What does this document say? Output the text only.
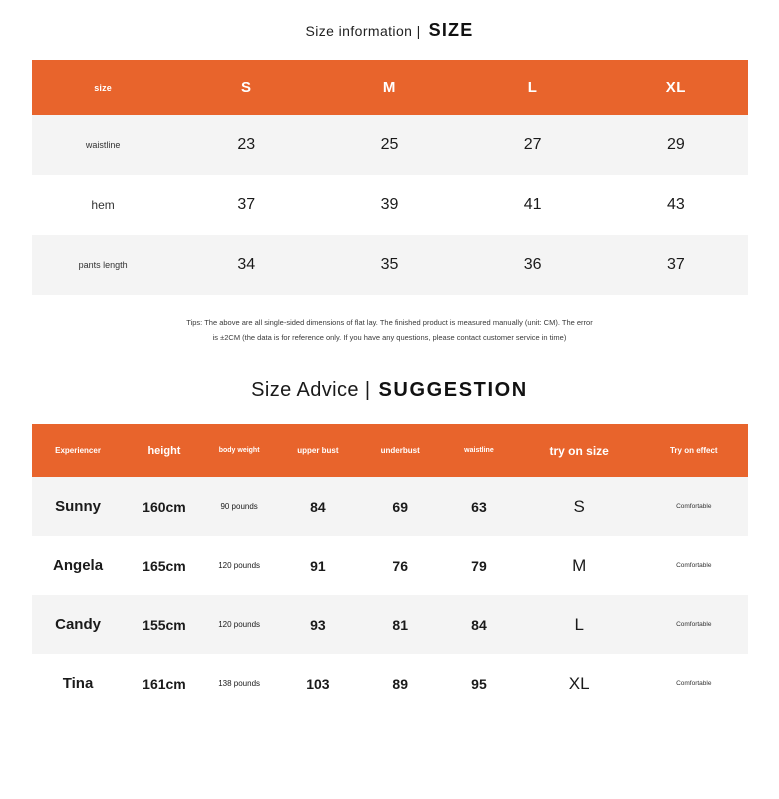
Size information | SIZE
size	S	M	L	XL
waistline	23	25	27	29
hem	37	39	41	43
pants length	34	35	36	37
Tips: The above are all single-sided dimensions of flat lay. The finished product is measured manually (unit: CM). The error
is ±2CM (the data is for reference only. If you have any questions, please contact customer service in time)
Size Advice | SUGGESTION
Experiencer	height	body weight	upper bust	underbust	waistline	try on size	Try on effect
Sunny	160cm	90 pounds	84	69	63	S	Comfortable
Angela	165cm	120 pounds	91	76	79	M	Comfortable
Candy	155cm	120 pounds	93	81	84	L	Comfortable
Tina	161cm	138 pounds	103	89	95	XL	Comfortable
